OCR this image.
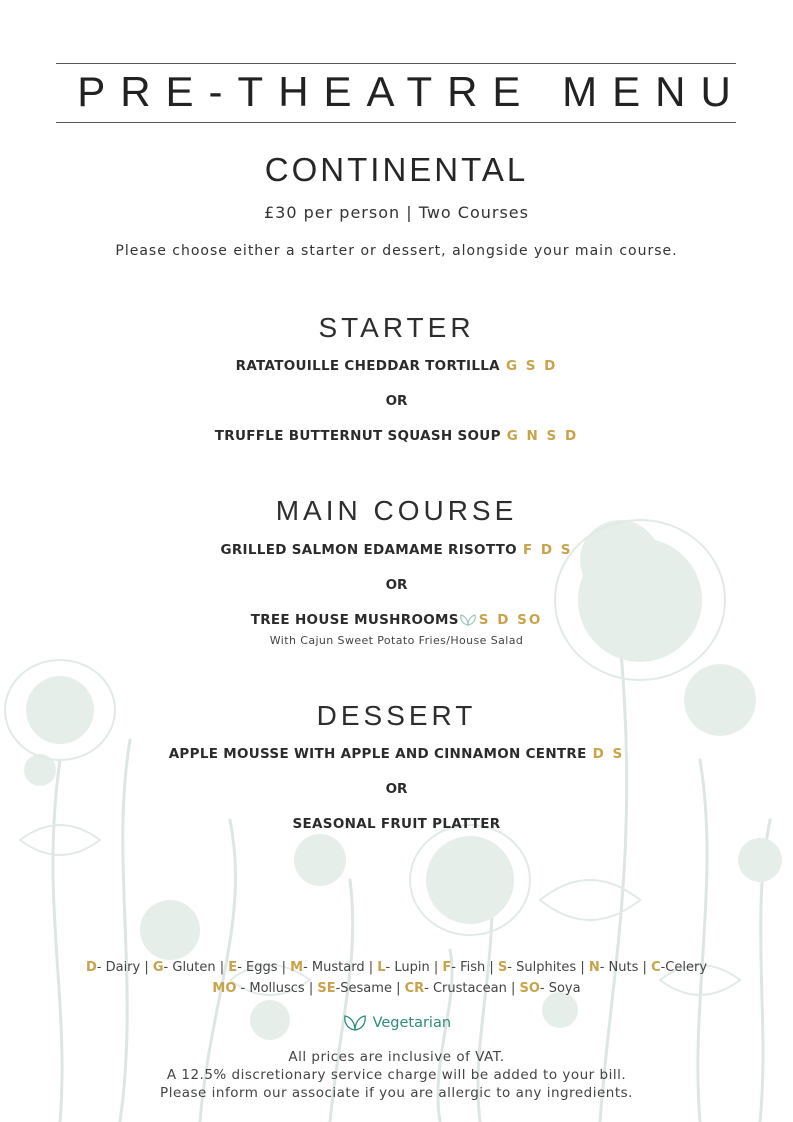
PRE-THEATRE MENU
CONTINENTAL
£30 per person | Two Courses
Please choose either a starter or dessert, alongside your main course.
STARTER
RATATOUILLE CHEDDAR TORTILLA G S D
OR
TRUFFLE BUTTERNUT SQUASH SOUP G N S D
MAIN COURSE
GRILLED SALMON EDAMAME RISOTTO F D S
OR
TREE HOUSE MUSHROOMS S D SO
With Cajun Sweet Potato Fries/House Salad
DESSERT
APPLE MOUSSE WITH APPLE AND CINNAMON CENTRE D S
OR
SEASONAL FRUIT PLATTER
D- Dairy | G- Gluten | E- Eggs | M- Mustard | L- Lupin | F- Fish | S- Sulphites | N- Nuts | C-Celery
MO - Molluscs | SE-Sesame | CR- Crustacean | SO- Soya
Vegetarian
All prices are inclusive of VAT.
A 12.5% discretionary service charge will be added to your bill.
Please inform our associate if you are allergic to any ingredients.
